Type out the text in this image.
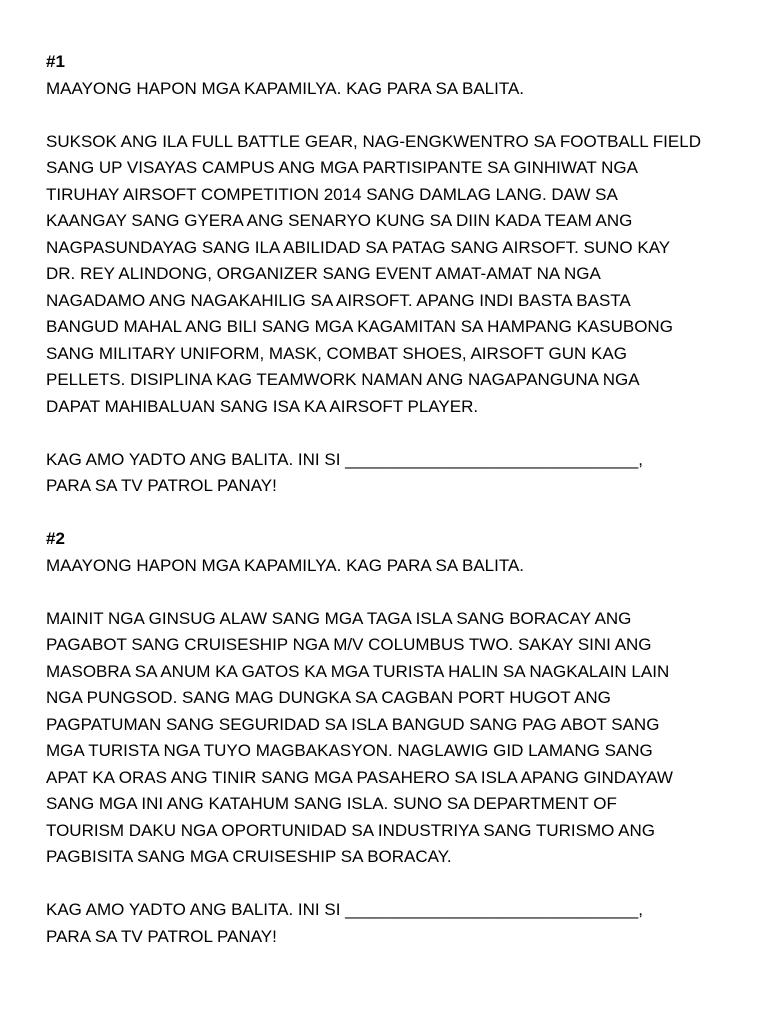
#1
MAAYONG HAPON MGA KAPAMILYA. KAG PARA SA BALITA.
SUKSOK ANG ILA FULL BATTLE GEAR, NAG-ENGKWENTRO SA FOOTBALL FIELD
SANG UP VISAYAS CAMPUS ANG MGA PARTISIPANTE SA GINHIWAT NGA
TIRUHAY AIRSOFT COMPETITION 2014 SANG DAMLAG LANG. DAW SA
KAANGAY SANG GYERA ANG SENARYO KUNG SA DIIN KADA TEAM ANG
NAGPASUNDAYAG SANG ILA ABILIDAD SA PATAG SANG AIRSOFT. SUNO KAY
DR. REY ALINDONG, ORGANIZER SANG EVENT AMAT-AMAT NA NGA
NAGADAMO ANG NAGAKAHILIG SA AIRSOFT. APANG INDI BASTA BASTA
BANGUD MAHAL ANG BILI SANG MGA KAGAMITAN SA HAMPANG KASUBONG
SANG MILITARY UNIFORM, MASK, COMBAT SHOES, AIRSOFT GUN KAG
PELLETS. DISIPLINA KAG TEAMWORK NAMAN ANG NAGAPANGUNA NGA
DAPAT MAHIBALUAN SANG ISA KA AIRSOFT PLAYER.
KAG AMO YADTO ANG BALITA. INI SI _______________________________,
PARA SA TV PATROL PANAY!
#2
MAAYONG HAPON MGA KAPAMILYA. KAG PARA SA BALITA.
MAINIT NGA GINSUG ALAW SANG MGA TAGA ISLA SANG BORACAY ANG
PAGABOT SANG CRUISESHIP NGA M/V COLUMBUS TWO. SAKAY SINI ANG
MASOBRA SA ANUM KA GATOS KA MGA TURISTA HALIN SA NAGKALAIN LAIN
NGA PUNGSOD. SANG MAG DUNGKA SA CAGBAN PORT HUGOT ANG
PAGPATUMAN SANG SEGURIDAD SA ISLA BANGUD SANG PAG ABOT SANG
MGA TURISTA NGA TUYO MAGBAKASYON. NAGLAWIG GID LAMANG SANG
APAT KA ORAS ANG TINIR SANG MGA PASAHERO SA ISLA APANG GINDAYAW
SANG MGA INI ANG KATAHUM SANG ISLA. SUNO SA DEPARTMENT OF
TOURISM DAKU NGA OPORTUNIDAD SA INDUSTRIYA SANG TURISMO ANG
PAGBISITA SANG MGA CRUISESHIP SA BORACAY.
KAG AMO YADTO ANG BALITA. INI SI _______________________________,
PARA SA TV PATROL PANAY!
